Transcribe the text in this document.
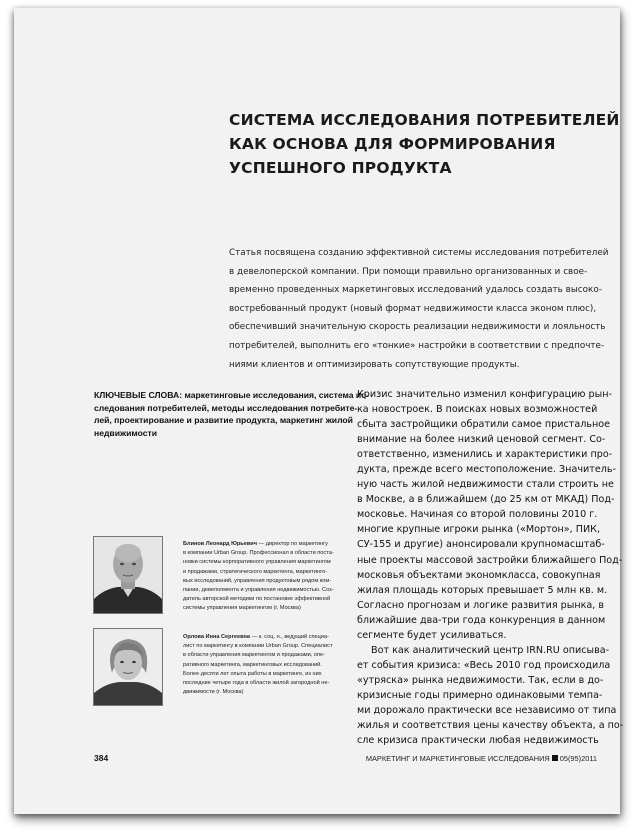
СИСТЕМА ИССЛЕДОВАНИЯ ПОТРЕБИТЕЛЕЙ
КАК ОСНОВА ДЛЯ ФОРМИРОВАНИЯ
УСПЕШНОГО ПРОДУКТА
Статья посвящена созданию эффективной системы исследования потребителей
в девелоперской компании. При помощи правильно организованных и свое-
временно проведенных маркетинговых исследований удалось создать высоко-
востребованный продукт (новый формат недвижимости класса эконом плюс),
обеспечивший значительную скорость реализации недвижимости и лояльность
потребителей, выполнить его «тонкие» настройки в соответствии с предпочте-
ниями клиентов и оптимизировать сопутствующие продукты.
КЛЮЧЕВЫЕ СЛОВА: маркетинговые исследования, система ис-
следования потребителей, методы исследования потребите-
лей, проектирование и развитие продукта, маркетинг жилой
недвижимости
Блинов Леонард Юрьевич — директор по маркетингу
в компании Urban Group. Профессионал в области поста-
новки системы корпоративного управления маркетингом
и продажами, стратегического маркетинга, маркетинго-
вых исследований, управления продуктовым рядом ком-
пании, девелопмента и управления недвижимостью. Соз-
датель авторской методики по постановке эффективной
системы управления маркетингом (г. Москва)
Орлова Инна Сергеевна — к. соц. н., ведущий специа-
лист по маркетингу в компании Urban Group. Специалист
в области управления маркетингом и продажами, опе-
ративного маркетинга, маркетинговых исследований.
Более десяти лет опыта работы в маркетинге, из них
последние четыре года в области жилой загородной не-
движимости (г. Москва)
Кризис значительно изменил конфигурацию рын-
ка новостроек. В поисках новых возможностей
сбыта застройщики обратили самое пристальное
внимание на более низкий ценовой сегмент. Со-
ответственно, изменились и характеристики про-
дукта, прежде всего местоположение. Значитель-
ную часть жилой недвижимости стали строить не
в Москве, а в ближайшем (до 25 км от МКАД) Под-
московье. Начиная со второй половины 2010 г.
многие крупные игроки рынка («Мортон», ПИК,
СУ-155 и другие) анонсировали крупномасштаб-
ные проекты массовой застройки ближайшего Под-
московья объектами экономкласса, совокупная
жилая площадь которых превышает 5 млн кв. м.
Согласно прогнозам и логике развития рынка, в
ближайшие два-три года конкуренция в данном
сегменте будет усиливаться.
Вот как аналитический центр IRN.RU описыва-
ет события кризиса: «Весь 2010 год происходила
«утряска» рынка недвижимости. Так, если в до-
кризисные годы примерно одинаковыми темпа-
ми дорожало практически все независимо от типа
жилья и соответствия цены качеству объекта, а по-
сле кризиса практически любая недвижимость
384	МАРКЕТИНГ И МАРКЕТИНГОВЫЕ ИССЛЕДОВАНИЯ 05(95)2011
